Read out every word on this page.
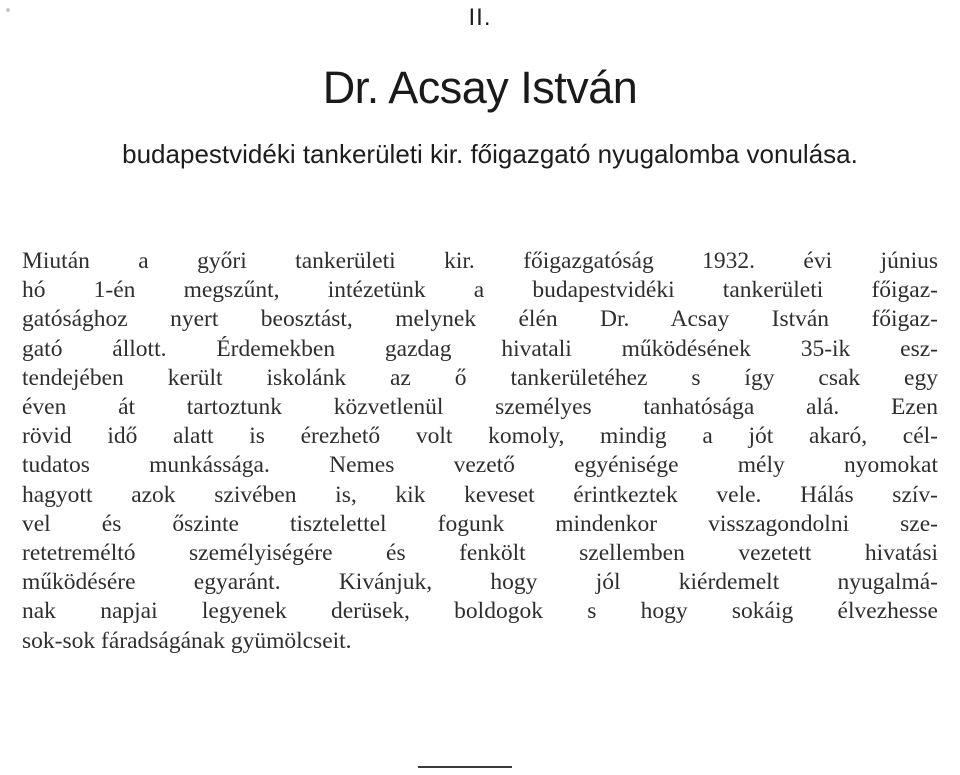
II.
Dr. Acsay István
budapestvidéki tankerületi kir. főigazgató nyugalomba vonulása.

Miután a győri tankerületi kir. főigazgatóság 1932. évi június
hó 1-én megszűnt, intézetünk a budapestvidéki tankerületi főigaz-
gatósághoz nyert beosztást, melynek élén Dr. Acsay István főigaz-
gató állott. Érdemekben gazdag hivatali működésének 35-ik esz-
tendejében került iskolánk az ő tankerületéhez s így csak egy
éven át tartoztunk közvetlenül személyes tanhatósága alá. Ezen
rövid idő alatt is érezhető volt komoly, mindig a jót akaró, cél-
tudatos munkássága. Nemes vezető egyénisége mély nyomokat
hagyott azok szivében is, kik keveset érintkeztek vele. Hálás szív-
vel és őszinte tisztelettel fogunk mindenkor visszagondolni sze-
retetreméltó személyiségére és fenkölt szellemben vezetett hivatási
működésére egyaránt. Kivánjuk, hogy jól kiérdemelt nyugalmá-
nak napjai legyenek derüsek, boldogok s hogy sokáig élvezhesse
sok-sok fáradságának gyümölcseit.
